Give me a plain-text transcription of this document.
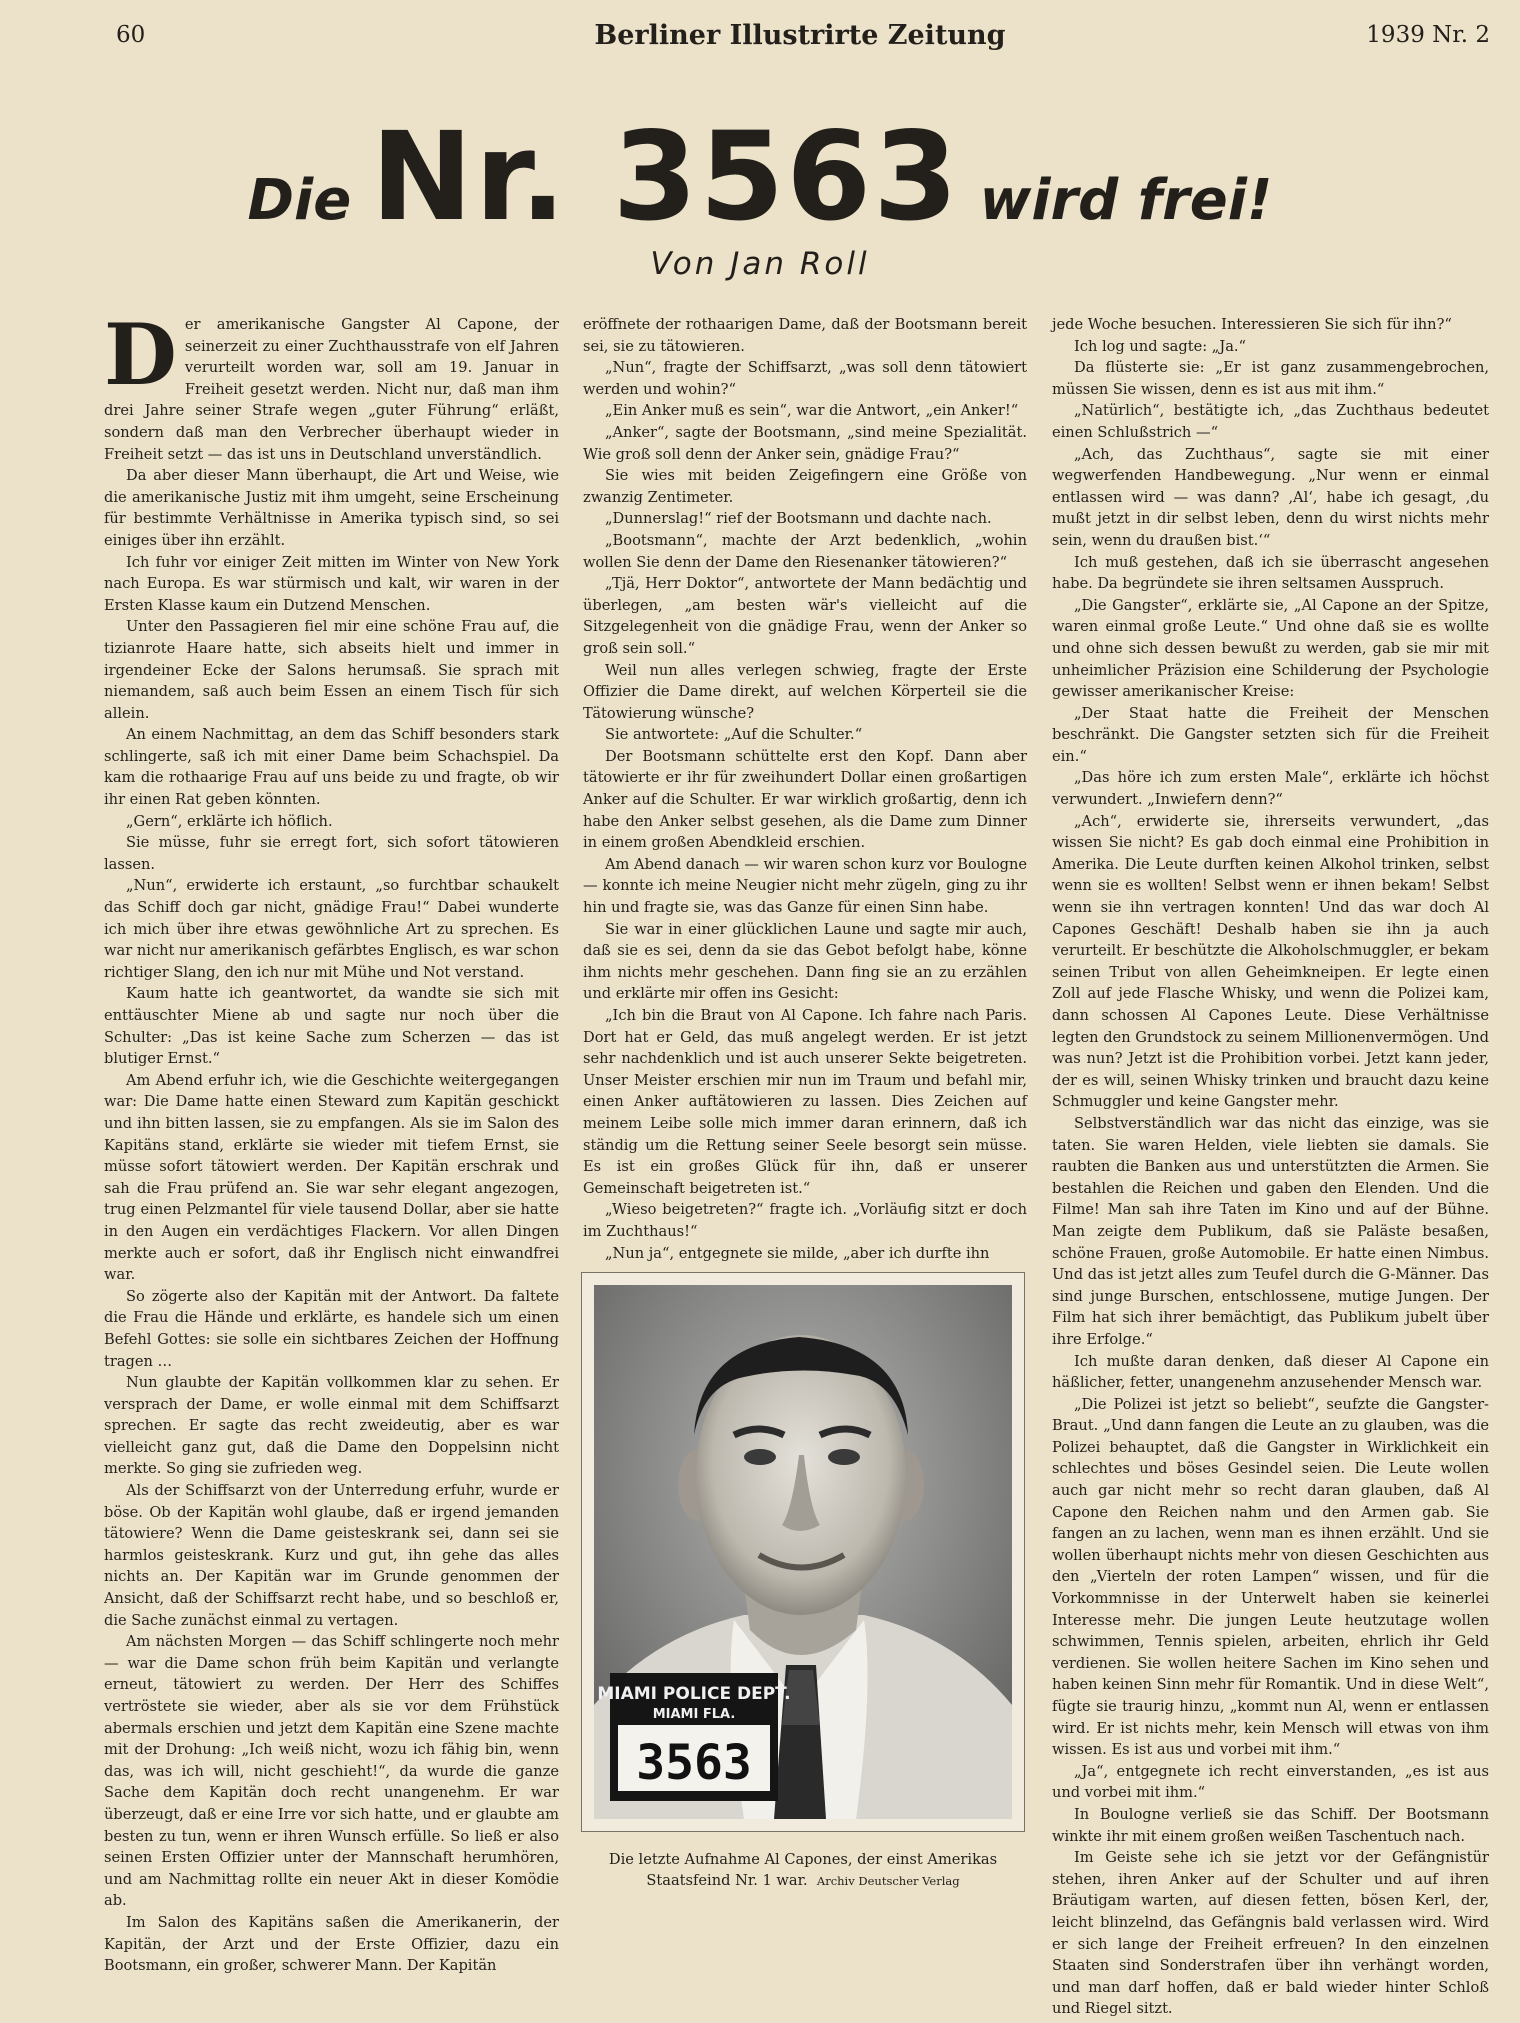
60	Berliner Illustrirte Zeitung	1939 Nr. 2
Die Nr. 3563 wird frei!
Von Jan Roll

Der amerikanische Gangster Al Capone, der seinerzeit zu einer Zuchthausstrafe von elf Jahren verurteilt worden war, soll am 19. Januar in Freiheit gesetzt werden. Nicht nur, daß man ihm drei Jahre seiner Strafe wegen „guter Führung“ erläßt, sondern daß man den Verbrecher überhaupt wieder in Freiheit setzt — das ist uns in Deutschland unverständlich.

Da aber dieser Mann überhaupt, die Art und Weise, wie die amerikanische Justiz mit ihm umgeht, seine Erscheinung für bestimmte Verhältnisse in Amerika typisch sind, so sei einiges über ihn erzählt.

Ich fuhr vor einiger Zeit mitten im Winter von New York nach Europa. Es war stürmisch und kalt, wir waren in der Ersten Klasse kaum ein Dutzend Menschen.

Unter den Passagieren fiel mir eine schöne Frau auf, die tizianrote Haare hatte, sich abseits hielt und immer in irgendeiner Ecke der Salons herumsaß. Sie sprach mit niemandem, saß auch beim Essen an einem Tisch für sich allein.

An einem Nachmittag, an dem das Schiff besonders stark schlingerte, saß ich mit einer Dame beim Schachspiel. Da kam die rothaarige Frau auf uns beide zu und fragte, ob wir ihr einen Rat geben könnten.

„Gern“, erklärte ich höflich.

Sie müsse, fuhr sie erregt fort, sich sofort tätowieren lassen.

„Nun“, erwiderte ich erstaunt, „so furchtbar schaukelt das Schiff doch gar nicht, gnädige Frau!“ Dabei wunderte ich mich über ihre etwas gewöhnliche Art zu sprechen. Es war nicht nur amerikanisch gefärbtes Englisch, es war schon richtiger Slang, den ich nur mit Mühe und Not verstand.

Kaum hatte ich geantwortet, da wandte sie sich mit enttäuschter Miene ab und sagte nur noch über die Schulter: „Das ist keine Sache zum Scherzen — das ist blutiger Ernst.“

Am Abend erfuhr ich, wie die Geschichte weitergegangen war: Die Dame hatte einen Steward zum Kapitän geschickt und ihn bitten lassen, sie zu empfangen. Als sie im Salon des Kapitäns stand, erklärte sie wieder mit tiefem Ernst, sie müsse sofort tätowiert werden. Der Kapitän erschrak und sah die Frau prüfend an. Sie war sehr elegant angezogen, trug einen Pelzmantel für viele tausend Dollar, aber sie hatte in den Augen ein verdächtiges Flackern. Vor allen Dingen merkte auch er sofort, daß ihr Englisch nicht einwandfrei war.

So zögerte also der Kapitän mit der Antwort. Da faltete die Frau die Hände und erklärte, es handele sich um einen Befehl Gottes: sie solle ein sichtbares Zeichen der Hoffnung tragen …

Nun glaubte der Kapitän vollkommen klar zu sehen. Er versprach der Dame, er wolle einmal mit dem Schiffsarzt sprechen. Er sagte das recht zweideutig, aber es war vielleicht ganz gut, daß die Dame den Doppelsinn nicht merkte. So ging sie zufrieden weg.

Als der Schiffsarzt von der Unterredung erfuhr, wurde er böse. Ob der Kapitän wohl glaube, daß er irgend jemanden tätowiere? Wenn die Dame geisteskrank sei, dann sei sie harmlos geisteskrank. Kurz und gut, ihn gehe das alles nichts an. Der Kapitän war im Grunde genommen der Ansicht, daß der Schiffsarzt recht habe, und so beschloß er, die Sache zunächst einmal zu vertagen.

Am nächsten Morgen — das Schiff schlingerte noch mehr — war die Dame schon früh beim Kapitän und verlangte erneut, tätowiert zu werden. Der Herr des Schiffes vertröstete sie wieder, aber als sie vor dem Frühstück abermals erschien und jetzt dem Kapitän eine Szene machte mit der Drohung: „Ich weiß nicht, wozu ich fähig bin, wenn das, was ich will, nicht geschieht!“, da wurde die ganze Sache dem Kapitän doch recht unangenehm. Er war überzeugt, daß er eine Irre vor sich hatte, und er glaubte am besten zu tun, wenn er ihren Wunsch erfülle. So ließ er also seinen Ersten Offizier unter der Mannschaft herumhören, und am Nachmittag rollte ein neuer Akt in dieser Komödie ab.

Im Salon des Kapitäns saßen die Amerikanerin, der Kapitän, der Arzt und der Erste Offizier, dazu ein Bootsmann, ein großer, schwerer Mann. Der Kapitän

eröffnete der rothaarigen Dame, daß der Bootsmann bereit sei, sie zu tätowieren.

„Nun“, fragte der Schiffsarzt, „was soll denn tätowiert werden und wohin?“

„Ein Anker muß es sein“, war die Antwort, „ein Anker!“

„Anker“, sagte der Bootsmann, „sind meine Spezialität. Wie groß soll denn der Anker sein, gnädige Frau?“

Sie wies mit beiden Zeigefingern eine Größe von zwanzig Zentimeter.

„Dunnerslag!“ rief der Bootsmann und dachte nach.

„Bootsmann“, machte der Arzt bedenklich, „wohin wollen Sie denn der Dame den Riesenanker tätowieren?“

„Tjä, Herr Doktor“, antwortete der Mann bedächtig und überlegen, „am besten wär's vielleicht auf die Sitzgelegenheit von die gnädige Frau, wenn der Anker so groß sein soll.“

Weil nun alles verlegen schwieg, fragte der Erste Offizier die Dame direkt, auf welchen Körperteil sie die Tätowierung wünsche?

Sie antwortete: „Auf die Schulter.“

Der Bootsmann schüttelte erst den Kopf. Dann aber tätowierte er ihr für zweihundert Dollar einen großartigen Anker auf die Schulter. Er war wirklich großartig, denn ich habe den Anker selbst gesehen, als die Dame zum Dinner in einem großen Abendkleid erschien.

Am Abend danach — wir waren schon kurz vor Boulogne — konnte ich meine Neugier nicht mehr zügeln, ging zu ihr hin und fragte sie, was das Ganze für einen Sinn habe.

Sie war in einer glücklichen Laune und sagte mir auch, daß sie es sei, denn da sie das Gebot befolgt habe, könne ihm nichts mehr geschehen. Dann fing sie an zu erzählen und erklärte mir offen ins Gesicht:

„Ich bin die Braut von Al Capone. Ich fahre nach Paris. Dort hat er Geld, das muß angelegt werden. Er ist jetzt sehr nachdenklich und ist auch unserer Sekte beigetreten. Unser Meister erschien mir nun im Traum und befahl mir, einen Anker auftätowieren zu lassen. Dies Zeichen auf meinem Leibe solle mich immer daran erinnern, daß ich ständig um die Rettung seiner Seele besorgt sein müsse. Es ist ein großes Glück für ihn, daß er unserer Gemeinschaft beigetreten ist.“

„Wieso beigetreten?“ fragte ich. „Vorläufig sitzt er doch im Zuchthaus!“

„Nun ja“, entgegnete sie milde, „aber ich durfte ihn

jede Woche besuchen. Interessieren Sie sich für ihn?“

Ich log und sagte: „Ja.“

Da flüsterte sie: „Er ist ganz zusammengebrochen, müssen Sie wissen, denn es ist aus mit ihm.“

„Natürlich“, bestätigte ich, „das Zuchthaus bedeutet einen Schlußstrich —“

„Ach, das Zuchthaus“, sagte sie mit einer wegwerfenden Handbewegung. „Nur wenn er einmal entlassen wird — was dann? ‚Al‘, habe ich gesagt, ‚du mußt jetzt in dir selbst leben, denn du wirst nichts mehr sein, wenn du draußen bist.‘“

Ich muß gestehen, daß ich sie überrascht angesehen habe. Da begründete sie ihren seltsamen Ausspruch.

„Die Gangster“, erklärte sie, „Al Capone an der Spitze, waren einmal große Leute.“ Und ohne daß sie es wollte und ohne sich dessen bewußt zu werden, gab sie mir mit unheimlicher Präzision eine Schilderung der Psychologie gewisser amerikanischer Kreise:

„Der Staat hatte die Freiheit der Menschen beschränkt. Die Gangster setzten sich für die Freiheit ein.“

„Das höre ich zum ersten Male“, erklärte ich höchst verwundert. „Inwiefern denn?“

„Ach“, erwiderte sie, ihrerseits verwundert, „das wissen Sie nicht? Es gab doch einmal eine Prohibition in Amerika. Die Leute durften keinen Alkohol trinken, selbst wenn sie es wollten! Selbst wenn er ihnen bekam! Selbst wenn sie ihn vertragen konnten! Und das war doch Al Capones Geschäft! Deshalb haben sie ihn ja auch verurteilt. Er beschützte die Alkoholschmuggler, er bekam seinen Tribut von allen Geheimkneipen. Er legte einen Zoll auf jede Flasche Whisky, und wenn die Polizei kam, dann schossen Al Capones Leute. Diese Verhältnisse legten den Grundstock zu seinem Millionenvermögen. Und was nun? Jetzt ist die Prohibition vorbei. Jetzt kann jeder, der es will, seinen Whisky trinken und braucht dazu keine Schmuggler und keine Gangster mehr.

Selbstverständlich war das nicht das einzige, was sie taten. Sie waren Helden, viele liebten sie damals. Sie raubten die Banken aus und unterstützten die Armen. Sie bestahlen die Reichen und gaben den Elenden. Und die Filme! Man sah ihre Taten im Kino und auf der Bühne. Man zeigte dem Publikum, daß sie Paläste besaßen, schöne Frauen, große Automobile. Er hatte einen Nimbus. Und das ist jetzt alles zum Teufel durch die G-Männer. Das sind junge Burschen, entschlossene, mutige Jungen. Der Film hat sich ihrer bemächtigt, das Publikum jubelt über ihre Erfolge.“

Ich mußte daran denken, daß dieser Al Capone ein häßlicher, fetter, unangenehm anzusehender Mensch war.

„Die Polizei ist jetzt so beliebt“, seufzte die Gangster-Braut. „Und dann fangen die Leute an zu glauben, was die Polizei behauptet, daß die Gangster in Wirklichkeit ein schlechtes und böses Gesindel seien. Die Leute wollen auch gar nicht mehr so recht daran glauben, daß Al Capone den Reichen nahm und den Armen gab. Sie fangen an zu lachen, wenn man es ihnen erzählt. Und sie wollen überhaupt nichts mehr von diesen Geschichten aus den „Vierteln der roten Lampen“ wissen, und für die Vorkommnisse in der Unterwelt haben sie keinerlei Interesse mehr. Die jungen Leute heutzutage wollen schwimmen, Tennis spielen, arbeiten, ehrlich ihr Geld verdienen. Sie wollen heitere Sachen im Kino sehen und haben keinen Sinn mehr für Romantik. Und in diese Welt“, fügte sie traurig hinzu, „kommt nun Al, wenn er entlassen wird. Er ist nichts mehr, kein Mensch will etwas von ihm wissen. Es ist aus und vorbei mit ihm.“

„Ja“, entgegnete ich recht einverstanden, „es ist aus und vorbei mit ihm.“

In Boulogne verließ sie das Schiff. Der Bootsmann winkte ihr mit einem großen weißen Taschentuch nach.

Im Geiste sehe ich sie jetzt vor der Gefängnistür stehen, ihren Anker auf der Schulter und auf ihren Bräutigam warten, auf diesen fetten, bösen Kerl, der, leicht blinzelnd, das Gefängnis bald verlassen wird. Wird er sich lange der Freiheit erfreuen? In den einzelnen Staaten sind Sonderstrafen über ihn verhängt worden, und man darf hoffen, daß er bald wieder hinter Schloß und Riegel sitzt.

MIAMI POLICE DEPT.
MIAMI FLA.
3563
Die letzte Aufnahme Al Capones, der einst Amerikas
Staatsfeind Nr. 1 war. Archiv Deutscher Verlag
